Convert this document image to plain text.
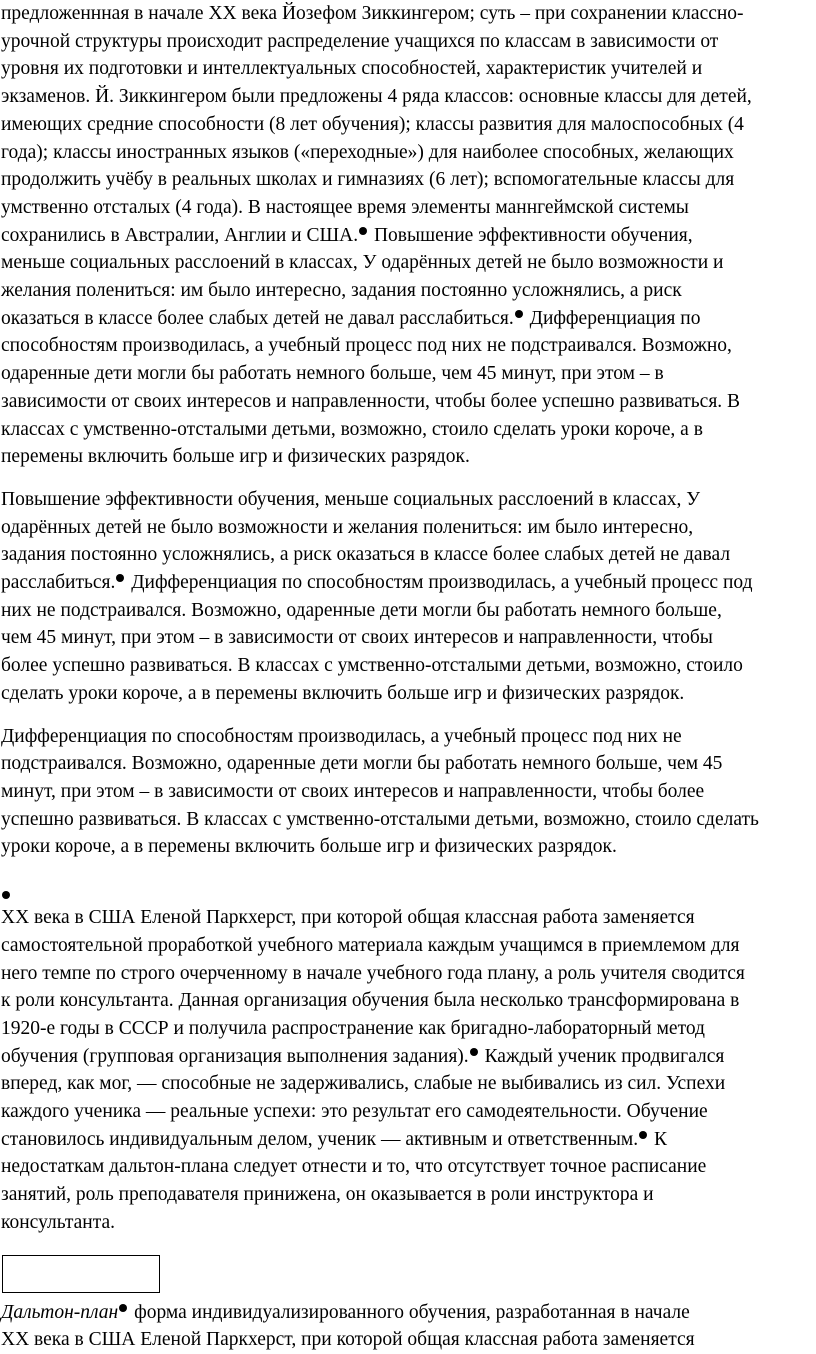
предложеннная в начале XX века Йозефом Зиккингером; суть – при сохранении классно-
урочной структуры происходит распределение учащихся по классам в зависимости от
уровня их подготовки и интеллектуальных способностей, характеристик учителей и
экзаменов. Й. Зиккингером были предложены 4 ряда классов: основные классы для детей,
имеющих средние способности (8 лет обучения); классы развития для малоспособных (4
года); классы иностранных языков («переходные») для наиболее способных, желающих
продолжить учёбу в реальных школах и гимназиях (6 лет); вспомогательные классы для
умственно отсталых (4 года). В настоящее время элементы маннгеймской системы
сохранились в Австралии, Англии и США. Повышение эффективности обучения,
меньше социальных расслоений в классах, У одарённых детей не было возможности и
желания полениться: им было интересно, задания постоянно усложнялись, а риск
оказаться в классе более слабых детей не давал расслабиться. Дифференциация по
способностям производилась, а учебный процесс под них не подстраивался. Возможно,
одаренные дети могли бы работать немного больше, чем 45 минут, при этом – в
зависимости от своих интересов и направленности, чтобы более успешно развиваться. В
классах с умственно-отсталыми детьми, возможно, стоило сделать уроки короче, а в
перемены включить больше игр и физических разрядок.

Повышение эффективности обучения, меньше социальных расслоений в классах, У
одарённых детей не было возможности и желания полениться: им было интересно,
задания постоянно усложнялись, а риск оказаться в классе более слабых детей не давал
расслабиться. Дифференциация по способностям производилась, а учебный процесс под
них не подстраивался. Возможно, одаренные дети могли бы работать немного больше,
чем 45 минут, при этом – в зависимости от своих интересов и направленности, чтобы
более успешно развиваться. В классах с умственно-отсталыми детьми, возможно, стоило
сделать уроки короче, а в перемены включить больше игр и физических разрядок.

Дифференциация по способностям производилась, а учебный процесс под них не
подстраивался. Возможно, одаренные дети могли бы работать немного больше, чем 45
минут, при этом – в зависимости от своих интересов и направленности, чтобы более
успешно развиваться. В классах с умственно-отсталыми детьми, возможно, стоило сделать
уроки короче, а в перемены включить больше игр и физических разрядок.

XX века в США Еленой Паркхерст, при которой общая классная работа заменяется
самостоятельной проработкой учебного материала каждым учащимся в приемлемом для
него темпе по строго очерченному в начале учебного года плану, а роль учителя сводится
к роли консультанта. Данная организация обучения была несколько трансформирована в
1920-е годы в СССР и получила распространение как бригадно-лабораторный метод
обучения (групповая организация выполнения задания). Каждый ученик продвигался
вперед, как мог, — способные не задерживались, слабые не выбивались из сил. Успехи
каждого ученика — реальные успехи: это результат его самодеятельности. Обучение
становилось индивидуальным делом, ученик — активным и ответственным. К
недостаткам дальтон-плана следует отнести и то, что отсутствует точное расписание
занятий, роль преподавателя принижена, он оказывается в роли инструктора и
консультанта.

Дальтон-план форма индивидуализированного обучения, разработанная в начале
XX века в США Еленой Паркхерст, при которой общая классная работа заменяется
